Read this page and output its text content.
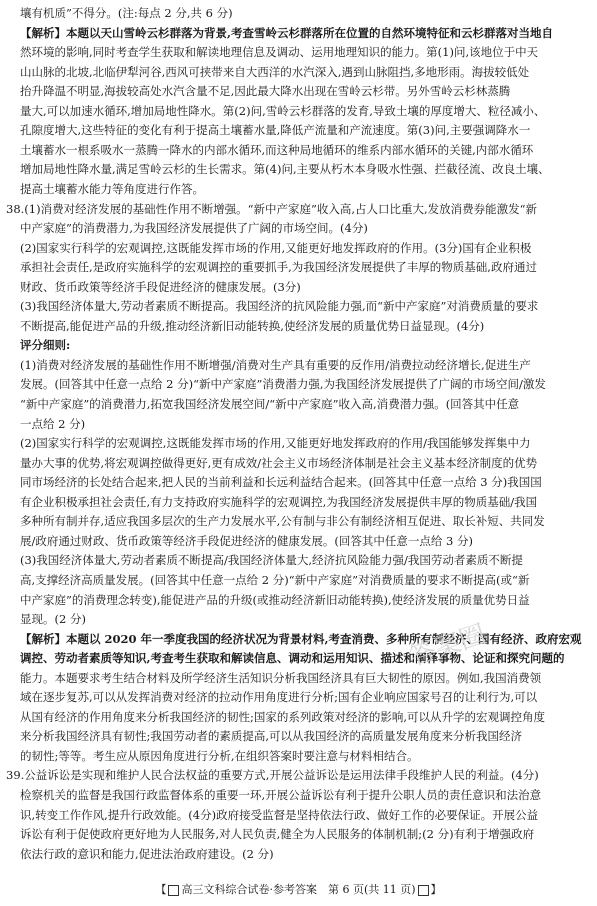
壤有机质”不得分。(注:每点 2 分,共 6 分)
【解析】本题以天山雪岭云杉群落为背景,考查雪岭云杉群落所在位置的自然环境特征和云杉群落对当地自
然环境的影响,同时考查学生获取和解读地理信息及调动、运用地理知识的能力。第(1)问,该地位于中天
山山脉的北坡,北临伊犁河谷,西风可挟带来自大西洋的水汽深入,遇到山脉阻挡,多地形雨。海拔较低处
抬升降温不明显,海拔较高处水汽含量不足,因此最大降水出现在雪岭云杉带。另外雪岭云杉林蒸腾
量大,可以加速水循环,增加局地性降水。第(2)问,雪岭云杉群落的发育,导致土壤的厚度增大、粒径减小、
孔隙度增大,这些特征的变化有利于提高土壤蓄水量,降低产流量和产流速度。第(3)问,主要强调降水一
土壤蓄水一根系吸水一蒸腾一降水的内部水循环,而这种局地循环的维系内部水循环的关键,内部水循环
增加局地性降水量,满足雪岭云杉的生长需求。第(4)问,主要从朽木本身吸水性强、拦截径流、改良土壤、
提高土壤蓄水能力等角度进行作答。
38.(1)消费对经济发展的基础性作用不断增强。“新中产家庭”收入高,占人口比重大,发放消费券能激发“新
中产家庭”的消费潜力,为我国经济发展提供了广阔的市场空间。(4分)
(2)国家实行科学的宏观调控,这既能发挥市场的作用,又能更好地发挥政府的作用。(3分)国有企业积极
承担社会责任,是政府实施科学的宏观调控的重要抓手,为我国经济发展提供了丰厚的物质基础,政府通过
财政、货币政策等经济手段促进经济的健康发展。(3分)
(3)我国经济体量大,劳动者素质不断提高。我国经济的抗风险能力强,而“新中产家庭”对消费质量的要求
不断提高,能促进产品的升级,推动经济新旧动能转换,使经济发展的质量优势日益显现。(4分)
评分细则:
(1)消费对经济发展的基础性作用不断增强/消费对生产具有重要的反作用/消费拉动经济增长,促进生产
发展。(回答其中任意一点给 2 分)“新中产家庭”消费潜力强,为我国经济发展提供了广阔的市场空间/激发
“新中产家庭”的消费潜力,拓宽我国经济发展空间/“新中产家庭”收入高,消费潜力强。(回答其中任意
一点给 2 分)
(2)国家实行科学的宏观调控,这既能发挥市场的作用,又能更好地发挥政府的作用/我国能够发挥集中力
量办大事的优势,将宏观调控做得更好,更有成效/社会主义市场经济体制是社会主义基本经济制度的优势
同市场经济的长处结合起来,把人民的当前利益和长远利益结合起来。(回答其中任意一点给 3 分)我国国
有企业积极承担社会责任,有力支持政府实施科学的宏观调控,为我国经济发展提供丰厚的物质基础/我国
多种所有制并存,适应我国多层次的生产力发展水平,公有制与非公有制经济相互促进、取长补短、共同发
展/政府通过财政、货币政策等经济手段促进经济的健康发展。(回答其中任意一点给 3 分)
(3)我国经济体量大,劳动者素质不断提高/我国经济体量大,经济抗风险能力强/我国劳动者素质不断提
高,支撑经济高质量发展。(回答其中任意一点给 2 分)“新中产家庭”对消费质量的要求不断提高(或“新
中产家庭”的消费理念转变),能促进产品的升级(或推动经济新旧动能转换),使经济发展的质量优势日益
显现。(2 分)
【解析】本题以 2020 年一季度我国的经济状况为背景材料,考查消费、多种所有制经济、国有经济、政府宏观
调控、劳动者素质等知识,考查考生获取和解读信息、调动和运用知识、描述和阐释事物、论证和探究问题的
能力。本题要求考生结合材料及所学经济生活知识分析我国经济具有巨大韧性的原因。例如,我国消费领
域在逐步复苏,可以从发挥消费对经济的拉动作用角度进行分析;国有企业响应国家号召的让利行为,可以
从国有经济的作用角度来分析我国经济的韧性;国家的系列政策对经济的影响,可以从升学的宏观调控角度
来分析我国经济具有韧性;我国劳动者的素质提高,可以从我国经济的高质量发展角度来分析我国经济
的韧性;等等。考生应从原因角度进行分析,在组织答案时要注意与材料相结合。
39.公益诉讼是实现和维护人民合法权益的重要方式,开展公益诉讼是运用法律手段维护人民的利益。(4分)
检察机关的监督是我国行政监督体系的重要一环,开展公益诉讼有利于提升公职人员的责任意识和法治意
识,转变工作作风,提升行政效能。(4分)政府接受监督是坚持依法行政、做好工作的必要保证。开展公益
诉讼有利于促使政府更好地为人民服务,对人民负责,健全为人民服务的体制机制;(2 分)有利于增强政府
依法行政的意识和能力,促进法治政府建设。(2 分)
答案圈
【 高三文科综合试卷·参考答案　第 6 页(共 11 页) 】
